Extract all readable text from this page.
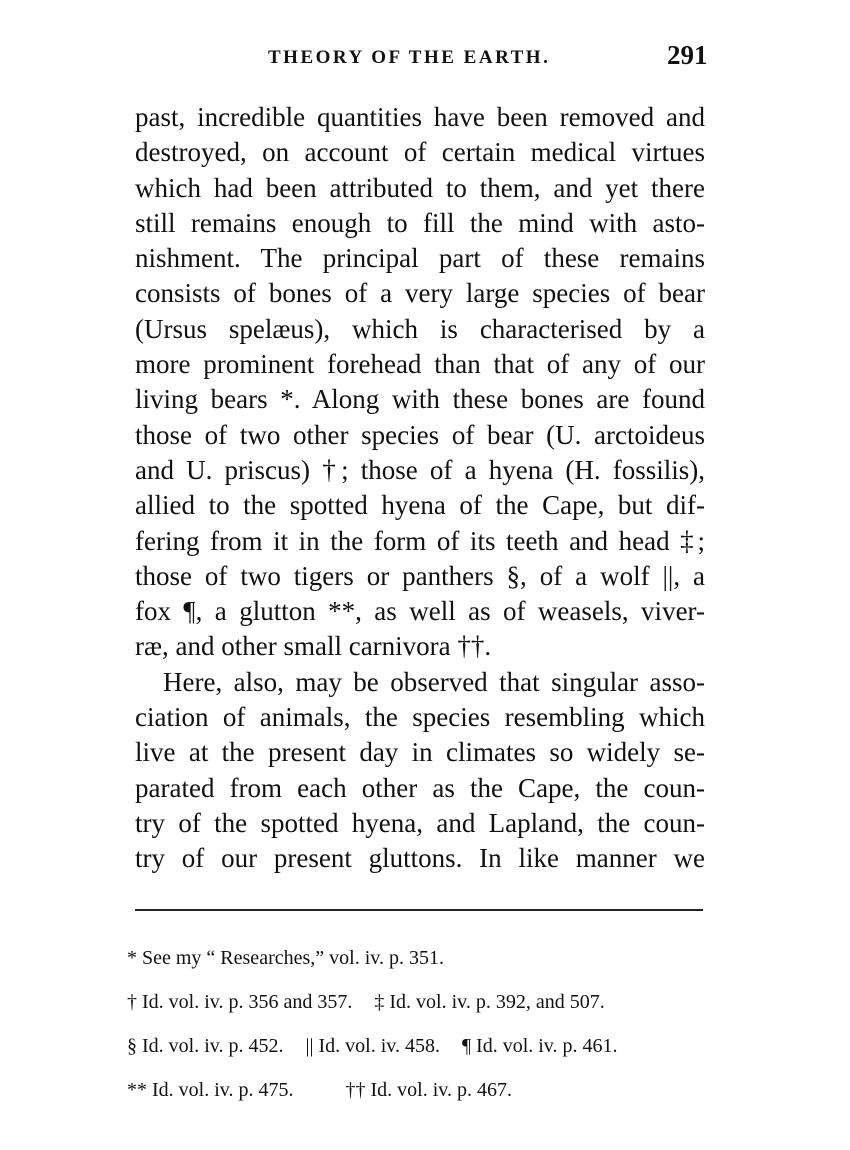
THEORY OF THE EARTH.	291
past, incredible quantities have been removed and
destroyed, on account of certain medical virtues
which had been attributed to them, and yet there
still remains enough to fill the mind with asto-
nishment. The principal part of these remains
consists of bones of a very large species of bear
(Ursus spelæus), which is characterised by a
more prominent forehead than that of any of our
living bears *. Along with these bones are found
those of two other species of bear (U. arctoideus
and U. priscus) †; those of a hyena (H. fossilis),
allied to the spotted hyena of the Cape, but dif-
fering from it in the form of its teeth and head ‡;
those of two tigers or panthers §, of a wolf ||, a
fox ¶, a glutton **, as well as of weasels, viver-
ræ, and other small carnivora ††.
Here, also, may be observed that singular asso-
ciation of animals, the species resembling which
live at the present day in climates so widely se-
parated from each other as the Cape, the coun-
try of the spotted hyena, and Lapland, the coun-
try of our present gluttons. In like manner we
* See my “ Researches,” vol. iv. p. 351.
† Id. vol. iv. p. 356 and 357. ‡ Id. vol. iv. p. 392, and 507.
§ Id. vol. iv. p. 452. || Id. vol. iv. 458. ¶ Id. vol. iv. p. 461.
** Id. vol. iv. p. 475.	†† Id. vol. iv. p. 467.
